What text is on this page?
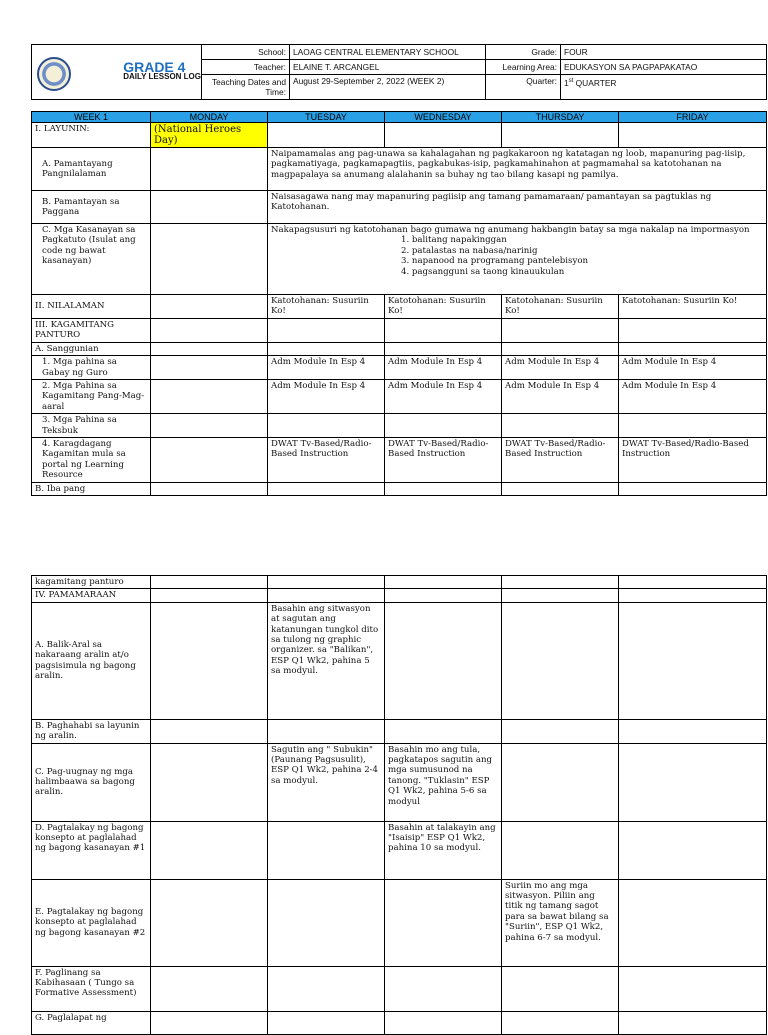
GRADE 4
DAILY LESSON LOG	School:	LAOAG CENTRAL ELEMENTARY SCHOOL	Grade:	FOUR
	Teacher:	ELAINE T. ARCANGEL	Learning Area:	EDUKASYON SA PAGPAPAKATAO
	Teaching Dates and Time:	August 29-September 2, 2022 (WEEK 2)	Quarter:	1st QUARTER
WEEK 1	MONDAY	TUESDAY	WEDNESDAY	THURSDAY	FRIDAY
I. LAYUNIN:	(National Heroes Day)				
A. Pamantayang Pangnilalaman		Naipamamalas ang pag-unawa sa kahalagahan ng pagkakaroon ng katatagan ng loob, mapanuring pag-iisip, pagkamatiyaga, pagkamapagtiis, pagkabukas-isip, pagkamahinahon at pagmamahal sa katotohanan na magpapalaya sa anumang alalahanin sa buhay ng tao bilang kasapi ng pamilya.			
B. Pamantayan sa Paggana		Naisasagawa nang may mapanuring pagiisip ang tamang pamamaraan/ pamantayan sa pagtuklas ng Katotohanan.			
C. Mga Kasanayan sa Pagkatuto (Isulat ang code ng bawat kasanayan)		Nakapagsusuri ng katotohanan bago gumawa ng anumang hakbangin batay sa mga nakalap na impormasyon
1. balitang napakinggan
2. patalastas na nabasa/narinig
3. napanood na programang pantelebisyon
4. pagsangguni sa taong kinauukulan			

II. NILALAMAN		Katotohanan: Susuriin Ko!	Katotohanan: Susuriin Ko!	Katotohanan: Susuriin Ko!	Katotohanan: Susuriin Ko!
III. KAGAMITANG PANTURO					
A. Sanggunian					
1. Mga pahina sa Gabay ng Guro		Adm Module In Esp 4	Adm Module In Esp 4	Adm Module In Esp 4	Adm Module In Esp 4
2. Mga Pahina sa Kagamitang Pang-Mag-aaral		Adm Module In Esp 4	Adm Module In Esp 4	Adm Module In Esp 4	Adm Module In Esp 4
3. Mga Pahina sa Teksbuk					
4. Karagdagang Kagamitan mula sa portal ng Learning Resource		DWAT Tv-Based/Radio-Based Instruction	DWAT Tv-Based/Radio-Based Instruction	DWAT Tv-Based/Radio-Based Instruction	DWAT Tv-Based/Radio-Based Instruction
B. Iba pang					
kagamitang panturo					
IV. PAMAMARAAN					
A. Balik-Aral sa nakaraang aralin at/o pagsisimula ng bagong aralin.		Basahin ang sitwasyon at sagutan ang katanungan tungkol dito sa tulong ng graphic organizer. sa "Balikan", ESP Q1 Wk2, pahina 5 sa modyul.			
B. Paghahabi sa layunin ng aralin.					
C. Pag-uugnay ng mga halimbaawa sa bagong aralin.		Sagutin ang " Subukin" (Paunang Pagsusulit), ESP Q1 Wk2, pahina 2-4 sa modyul.	Basahin mo ang tula, pagkatapos sagutin ang mga sumusunod na tanong. "Tuklasin" ESP Q1 Wk2, pahina 5-6 sa modyul		
D. Pagtalakay ng bagong konsepto at paglalahad ng bagong kasanayan #1			Basahin at talakayin ang "Isaisip" ESP Q1 Wk2, pahina 10 sa modyul.		
E. Pagtalakay ng bagong konsepto at paglalahad ng bagong kasanayan #2				Suriin mo ang mga sitwasyon. Piliin ang titik ng tamang sagot para sa bawat bilang sa "Suriin", ESP Q1 Wk2, pahina 6-7 sa modyul.	
F. Paglinang sa Kabihasaan ( Tungo sa Formative Assessment)					
G. Paglalapat ng					
